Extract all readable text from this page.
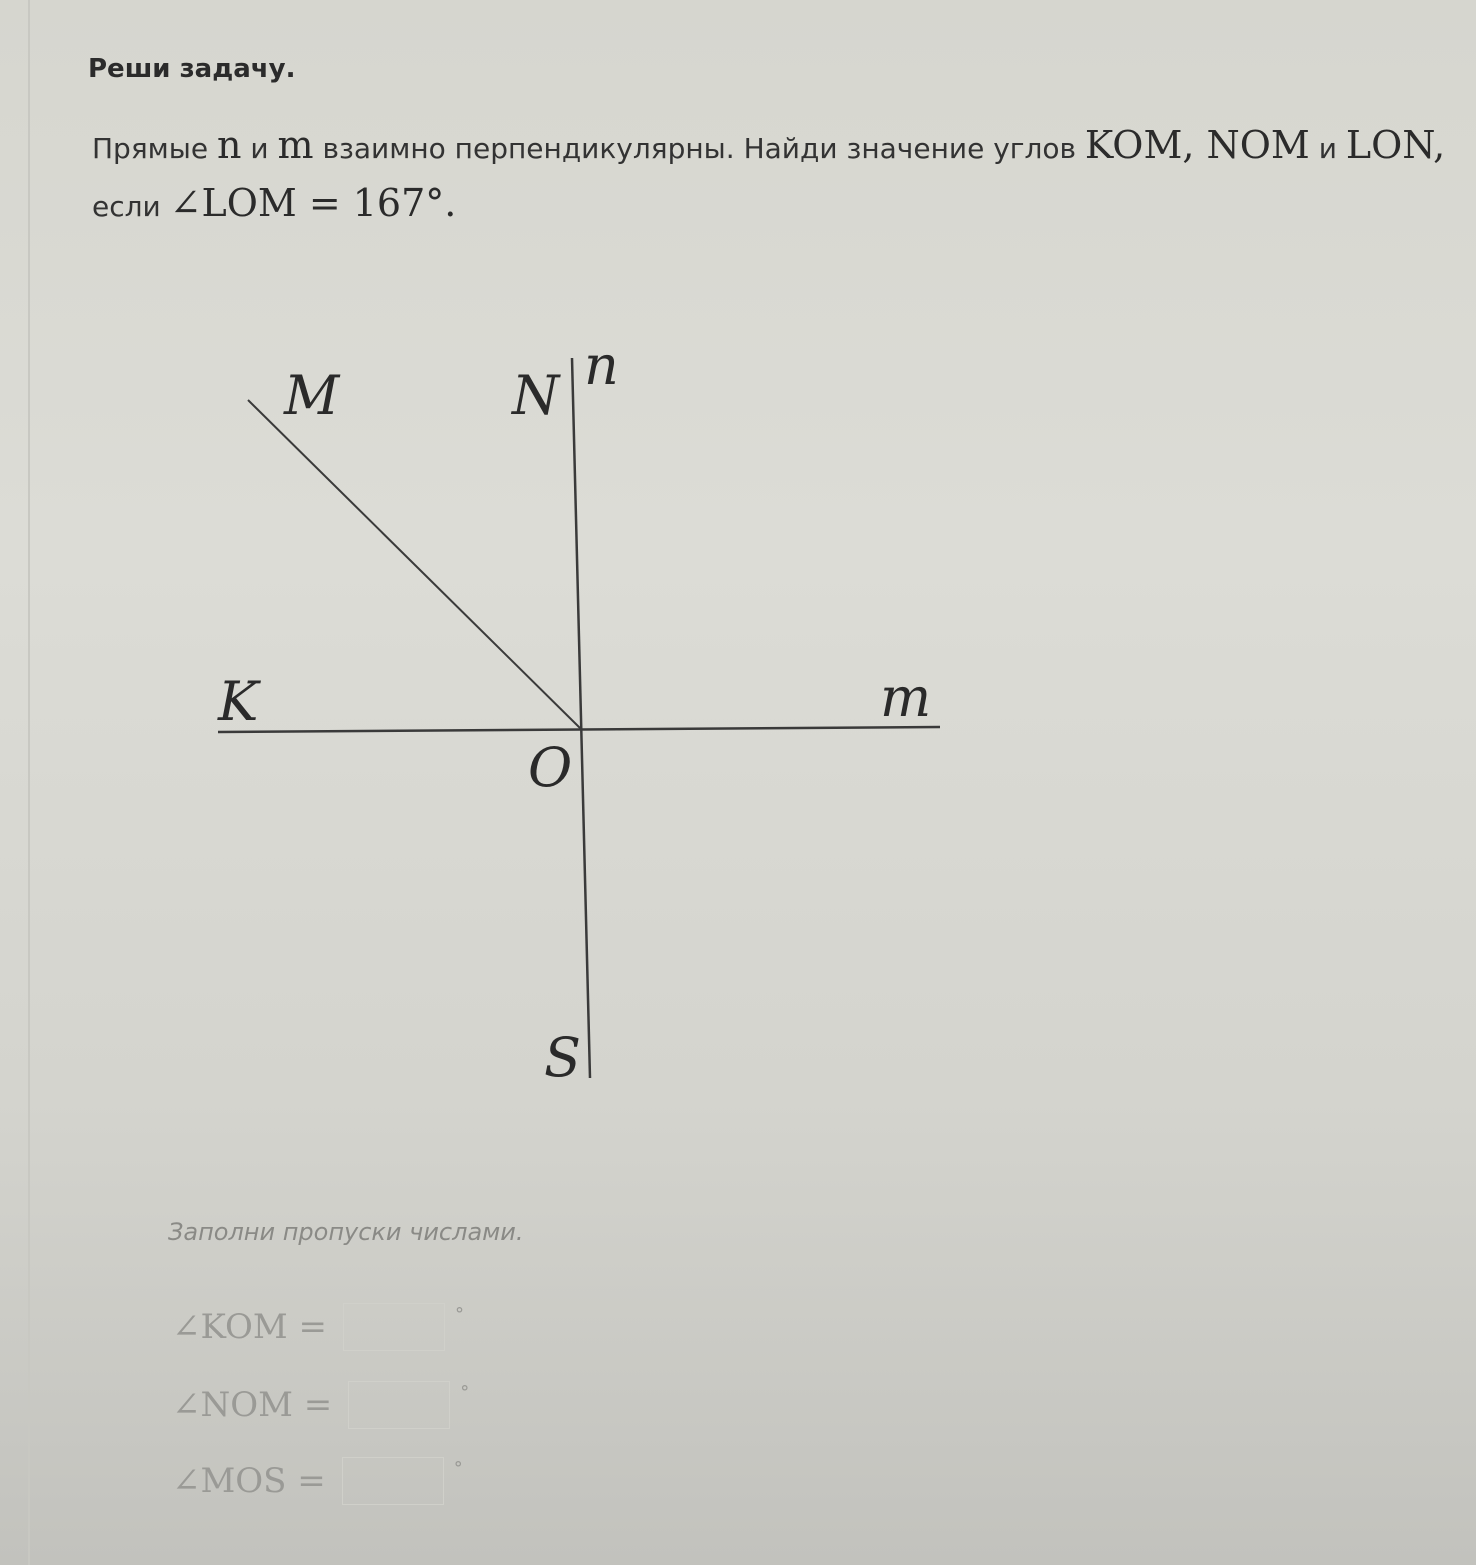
Реши задачу.
Прямые n и m взаимно перпендикулярны. Найди значение углов KOM, NOM и LON,
если ∠LOM = 167°.
M	N n
K	m
O
S
Заполни пропуски числами.
∠KOM =	°
∠NOM =	°
∠MOS =	°
